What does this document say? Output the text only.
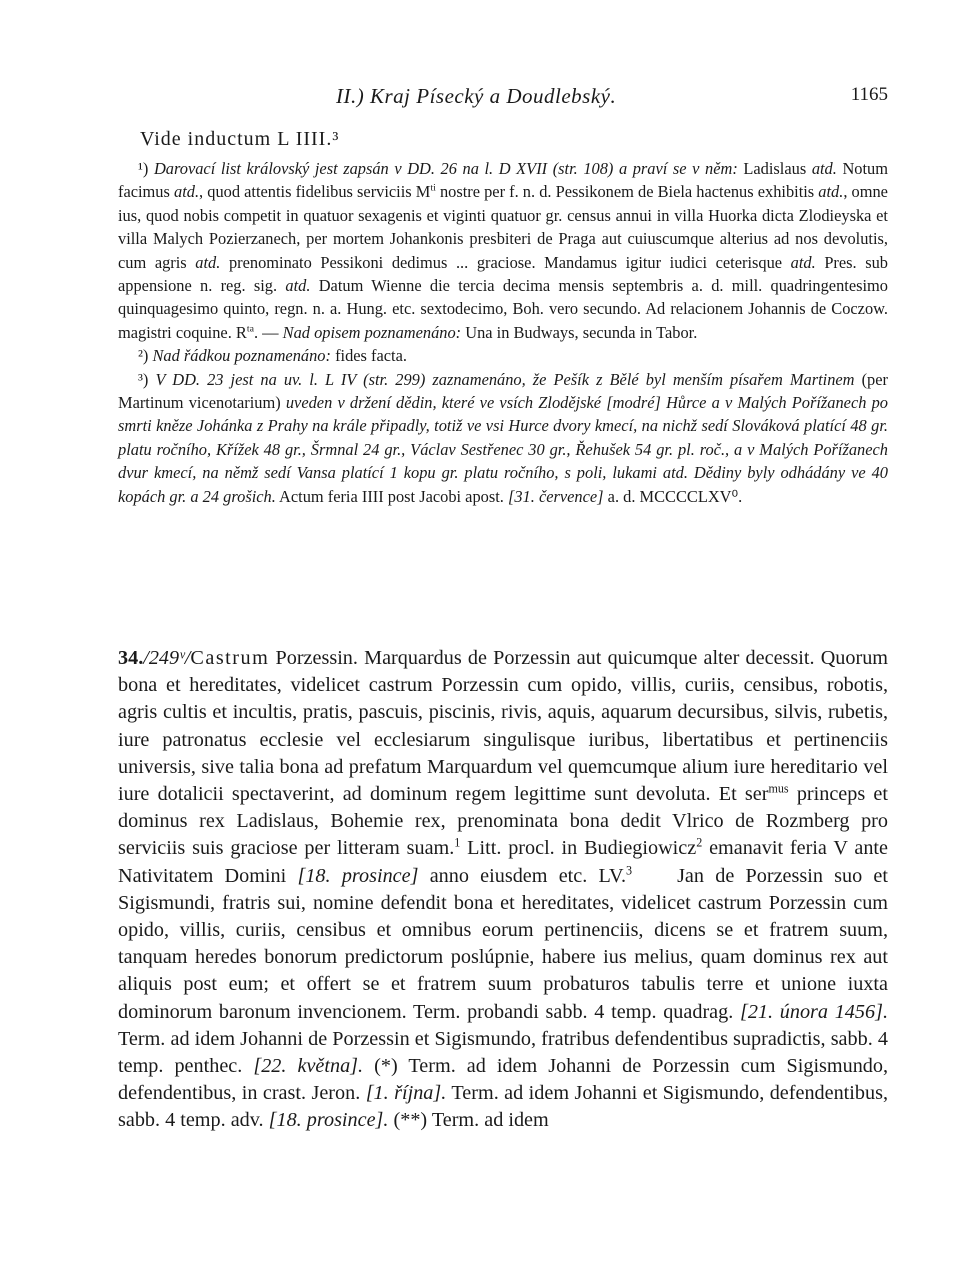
II.) Kraj Písecký a Doudlebský.	1165
Vide inductum L IIII.³

¹) Darovací list královský jest zapsán v DD. 26 na l. D XVII (str. 108) a praví se v něm: Ladislaus atd. Notum facimus atd., quod attentis fidelibus serviciis $M^{ti}$ nostre per f. n. d. Pessikonem de Biela hactenus exhibitis atd., omne ius, quod nobis competit in quatuor sexagenis et viginti quatuor gr. census annui in villa Huorka dicta Zlodieyska et villa Malych Pozierzanech, per mortem Johankonis presbiteri de Praga aut cuiuscumque alterius ad nos devolutis, cum agris atd. prenominato Pessikoni dedimus ... graciose. Mandamus igitur iudici ceterisque atd. Pres. sub appensione n. reg. sig. atd. Datum Wienne die tercia decima mensis septembris a. d. mill. quadringentesimo quinquagesimo quinto, regn. n. a. Hung. etc. sextodecimo, Boh. vero secundo. Ad relacionem Johannis de Coczow. magistri coquine. $R^{ta}$. — Nad opisem poznamenáno: Una in Budways, secunda in Tabor.

²) Nad řádkou poznamenáno: fides facta.

³) V DD. 23 jest na uv. l. L IV (str. 299) zaznamenáno, že Pešík z Bělé byl menším písařem Martinem (per Martinum vicenotarium) uveden v držení dědin, které ve vsích Zlodějské [modré] Hůrce a v Malých Pořížanech po smrti kněze Johánka z Prahy na krále připadly, totiž ve vsi Hurce dvory kmecí, na nichž sedí Slováková platící 48 gr. platu ročního, Křížek 48 gr., Šrmnal 24 gr., Václav Sestřenec 30 gr., Řehušek 54 gr. pl. roč., a v Malých Pořížanech dvur kmecí, na němž sedí Vansa platící 1 kopu gr. platu ročního, s poli, lukami atd. Dědiny byly odhádány ve 40 kopách gr. a 24 grošich. Actum feria IIII post Jacobi apost. [31. července] a. d. MCCCCLXV⁰.

34./249ᵛ/Castrum Porzessin. Marquardus de Porzessin aut quicumque alter decessit. Quorum bona et hereditates, videlicet castrum Porzessin cum opido, villis, curiis, censibus, robotis, agris cultis et incultis, pratis, pascuis, piscinis, rivis, aquis, aquarum decursibus, silvis, rubetis, iure patronatus ecclesie vel ecclesiarum singulisque iuribus, libertatibus et pertinenciis universis, sive talia bona ad prefatum Marquardum vel quemcumque alium iure hereditario vel iure dotalicii spectaverint, ad dominum regem legittime sunt devoluta. Et ser$^{mus}$ princeps et dominus rex Ladislaus, Bohemie rex, prenominata bona dedit Vlrico de Rozmberg pro serviciis suis graciose per litteram suam.$^1$ Litt. procl. in Budiegiowicz$^2$ emanavit feria V ante Nativitatem Domini [18. prosince] anno eiusdem etc. LV.$^3$ Jan de Porzessin suo et Sigismundi, fratris sui, nomine defendit bona et hereditates, videlicet castrum Porzessin cum opido, villis, curiis, censibus et omnibus eorum pertinenciis, dicens se et fratrem suum, tanquam heredes bonorum predictorum poslúpnie, habere ius melius, quam dominus rex aut aliquis post eum; et offert se et fratrem suum probaturos tabulis terre et unione iuxta dominorum baronum invencionem. Term. probandi sabb. 4 temp. quadrag. [21. února 1456]. Term. ad idem Johanni de Porzessin et Sigismundo, fratribus defendentibus supradictis, sabb. 4 temp. penthec. [22. května]. (*) Term. ad idem Johanni de Porzessin cum Sigismundo, defendentibus, in crast. Jeron. [1. října]. Term. ad idem Johanni et Sigismundo, defendentibus, sabb. 4 temp. adv. [18. prosince]. (**) Term. ad idem
